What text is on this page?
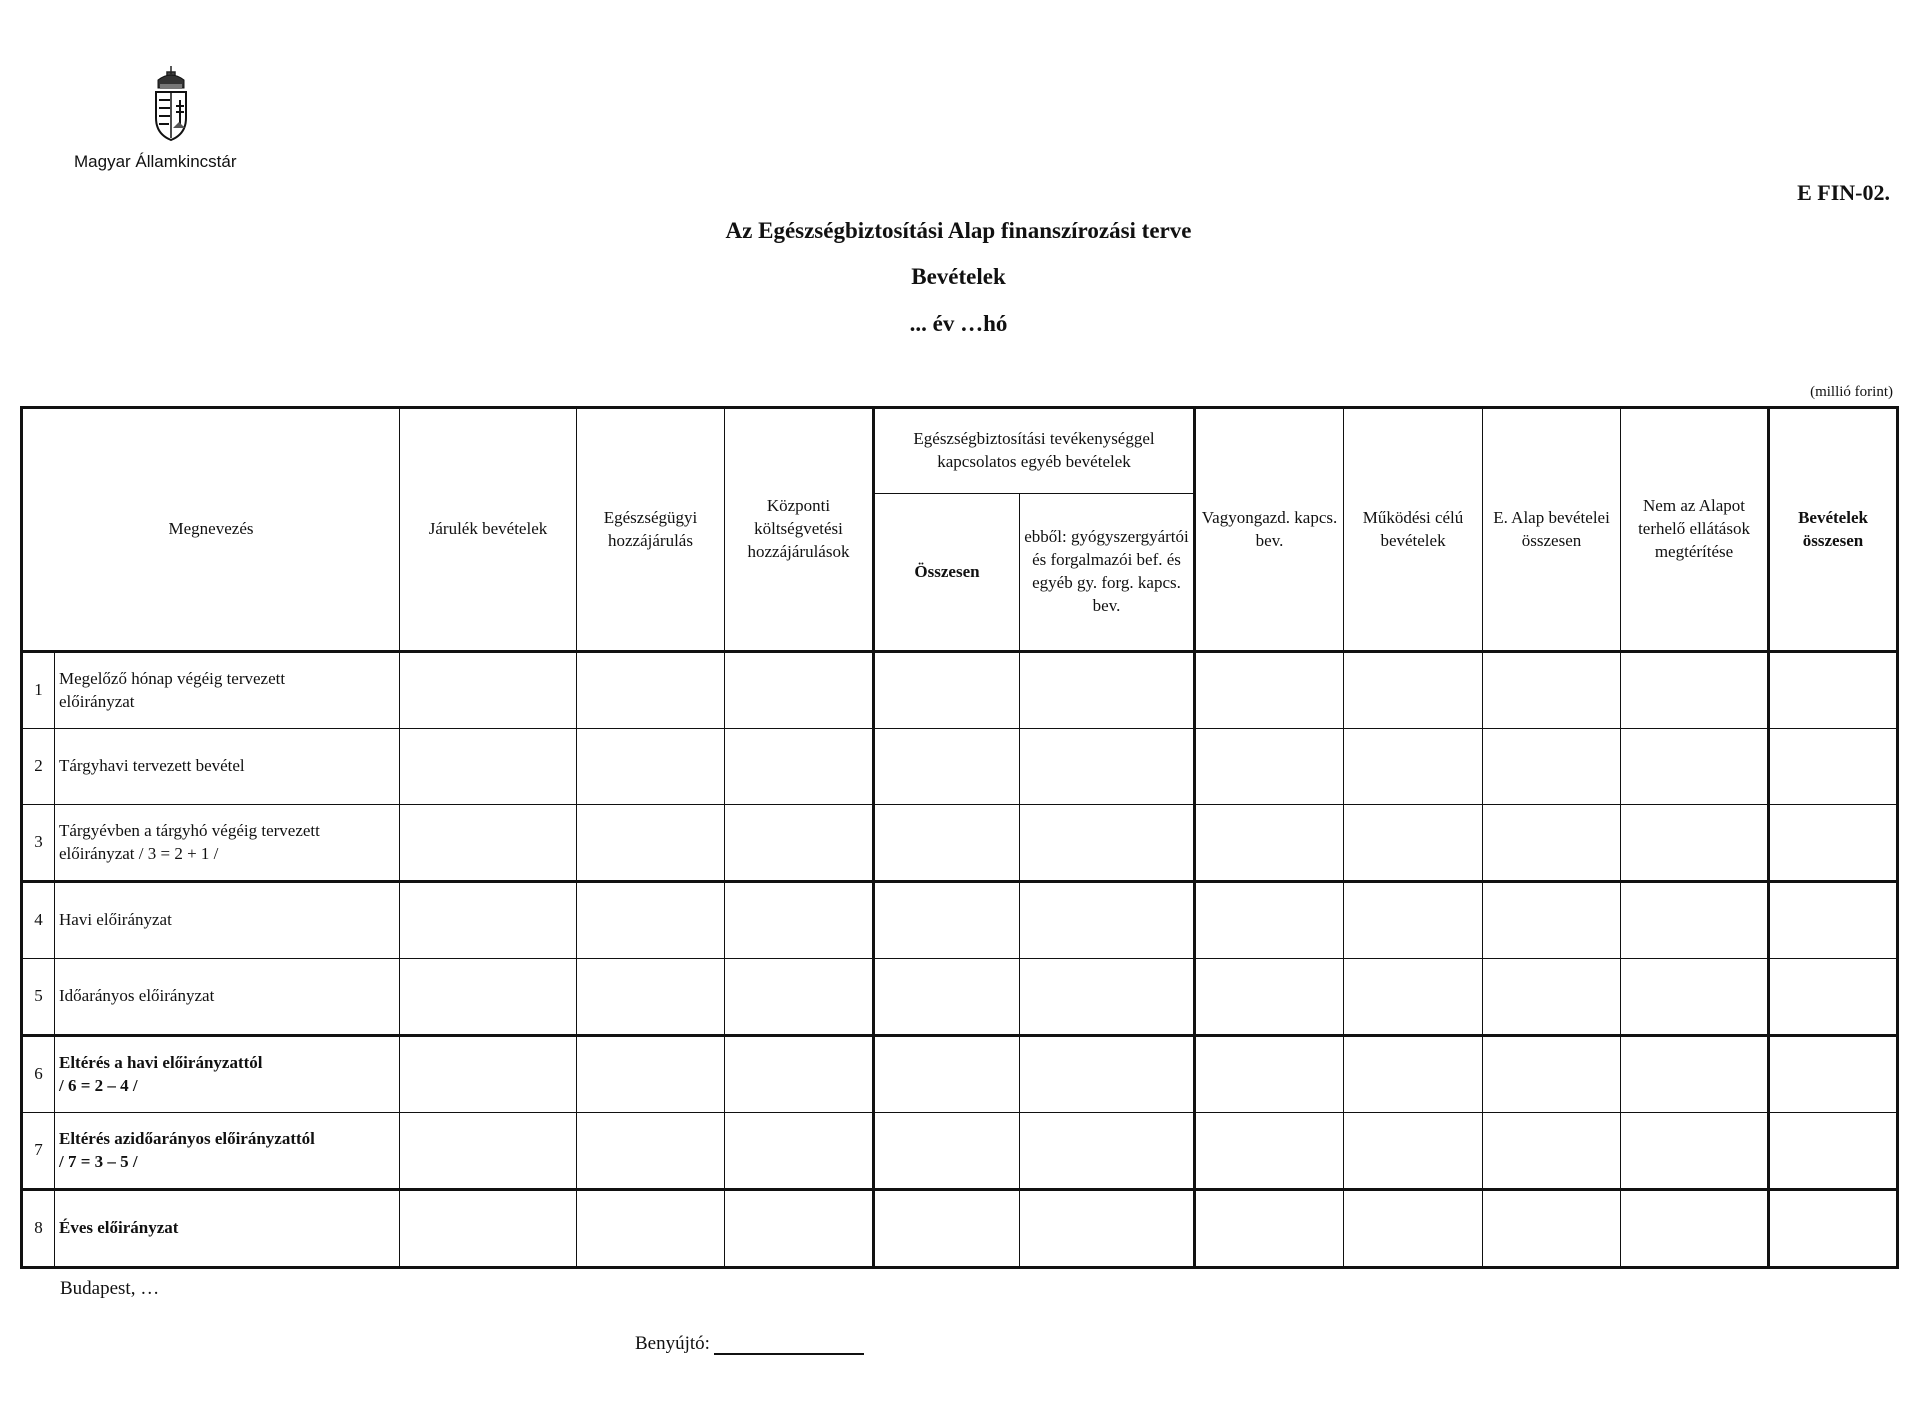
Magyar Államkincstár
E FIN-02.
Az Egészségbiztosítási Alap finanszírozási terve
Bevételek
... év …hó
(millió forint)
Megnevezés		Járulék bevételek	Egészségügyi hozzájárulás	Központi költségvetési hozzájárulások	Egészségbiztosítási tevékenységgel kapcsolatos egyéb bevételek		Vagyongazd. kapcs. bev.	Működési célú bevételek	E. Alap bevételei összesen	Nem az Alapot terhelő ellátások megtérítése	Bevételek összesen
					Összesen	ebből: gyógyszergyártói és forgalmazói bef. és egyéb gy. forg. kapcs. bev.					
1	Megelőző hónap végéig tervezett
előirányzat										
2	Tárgyhavi tervezett bevétel										
3	Tárgyévben a tárgyhó végéig tervezett
előirányzat / 3 = 2 + 1 /										
4	Havi előirányzat										
5	Időarányos előirányzat										
6	Eltérés a havi előirányzattól
/ 6 = 2 – 4 /										
7	Eltérés azidőarányos előirányzattól
/ 7 = 3 – 5 /										
8	Éves előirányzat										
Budapest, …
Benyújtó:
